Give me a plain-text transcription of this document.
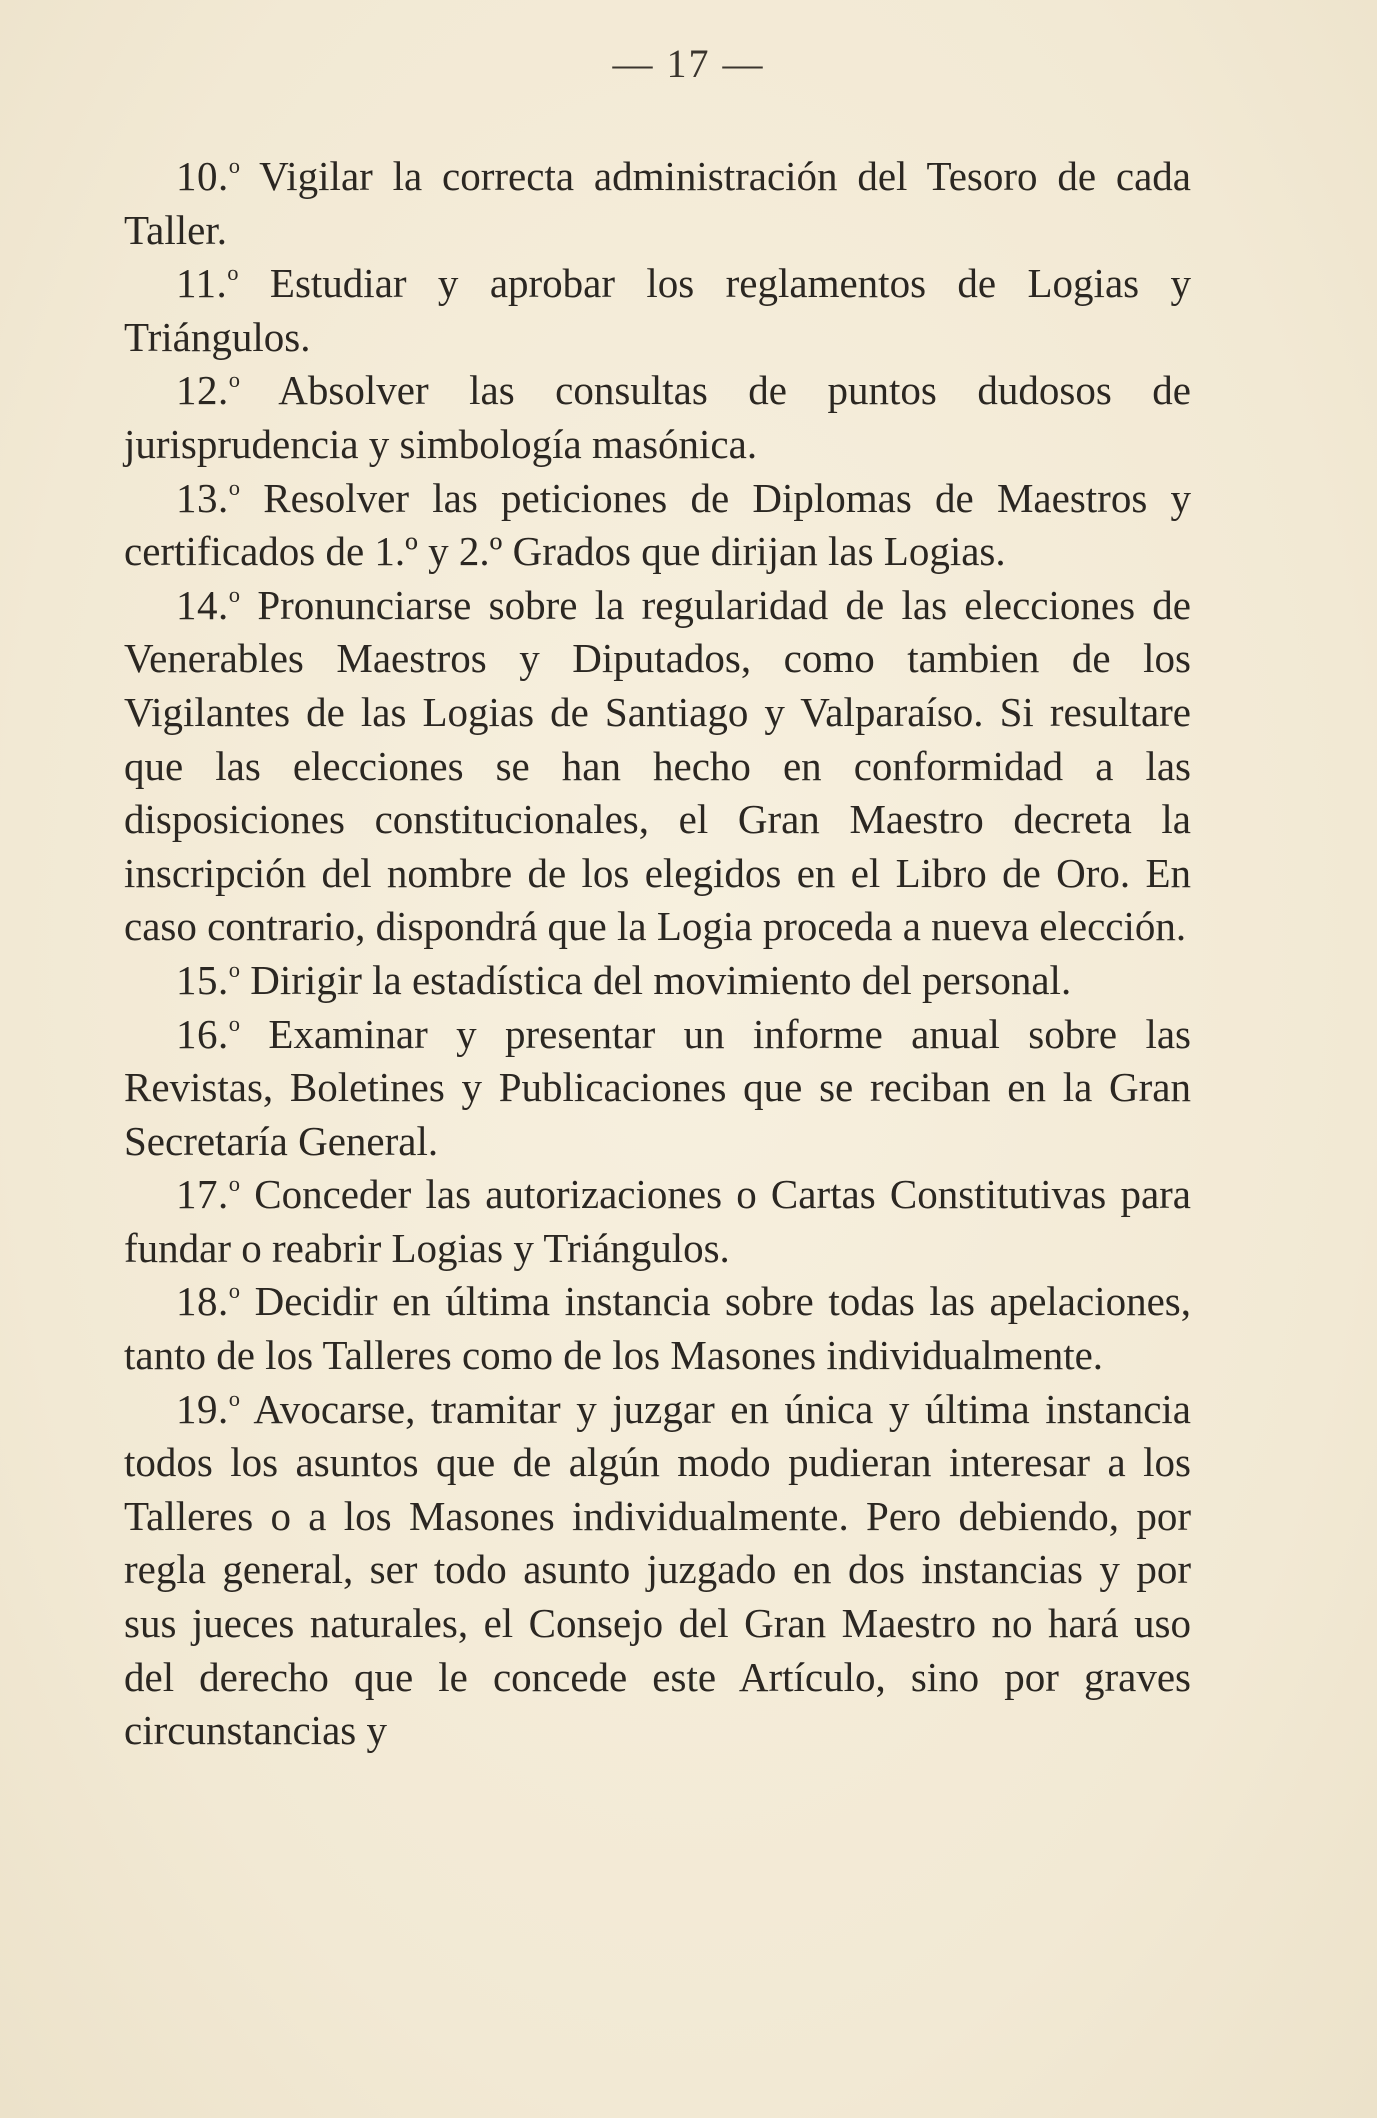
— 17 —

10.$^o$ Vigilar la correcta administración del Tesoro de cada Taller.

11.$^o$ Estudiar y aprobar los reglamentos de Logias y Triángulos.

12.$^o$ Absolver las consultas de puntos dudosos de jurisprudencia y simbología masónica.

13.$^o$ Resolver las peticiones de Diplomas de Maestros y certificados de 1.º y 2.º Grados que dirijan las Logias.

14.$^o$ Pronunciarse sobre la regularidad de las elecciones de Venerables Maestros y Diputados, como tambien de los Vigilantes de las Logias de Santiago y Valparaíso. Si resultare que las elecciones se han hecho en conformidad a las disposiciones constitucionales, el Gran Maestro decreta la inscripción del nombre de los elegidos en el Libro de Oro. En caso contrario, dispondrá que la Logia proceda a nueva elección.

15.$^o$ Dirigir la estadística del movimiento del personal.

16.$^o$ Examinar y presentar un informe anual sobre las Revistas, Boletines y Publicaciones que se reciban en la Gran Secretaría General.

17.$^o$ Conceder las autorizaciones o Cartas Constitutivas para fundar o reabrir Logias y Triángulos.

18.$^o$ Decidir en última instancia sobre todas las apelaciones, tanto de los Talleres como de los Masones individualmente.

19.$^o$ Avocarse, tramitar y juzgar en única y última instancia todos los asuntos que de algún modo pudieran interesar a los Talleres o a los Masones individualmente. Pero debiendo, por regla general, ser todo asunto juzgado en dos instancias y por sus jueces naturales, el Consejo del Gran Maestro no hará uso del derecho que le concede este Artículo, sino por graves circunstancias y
